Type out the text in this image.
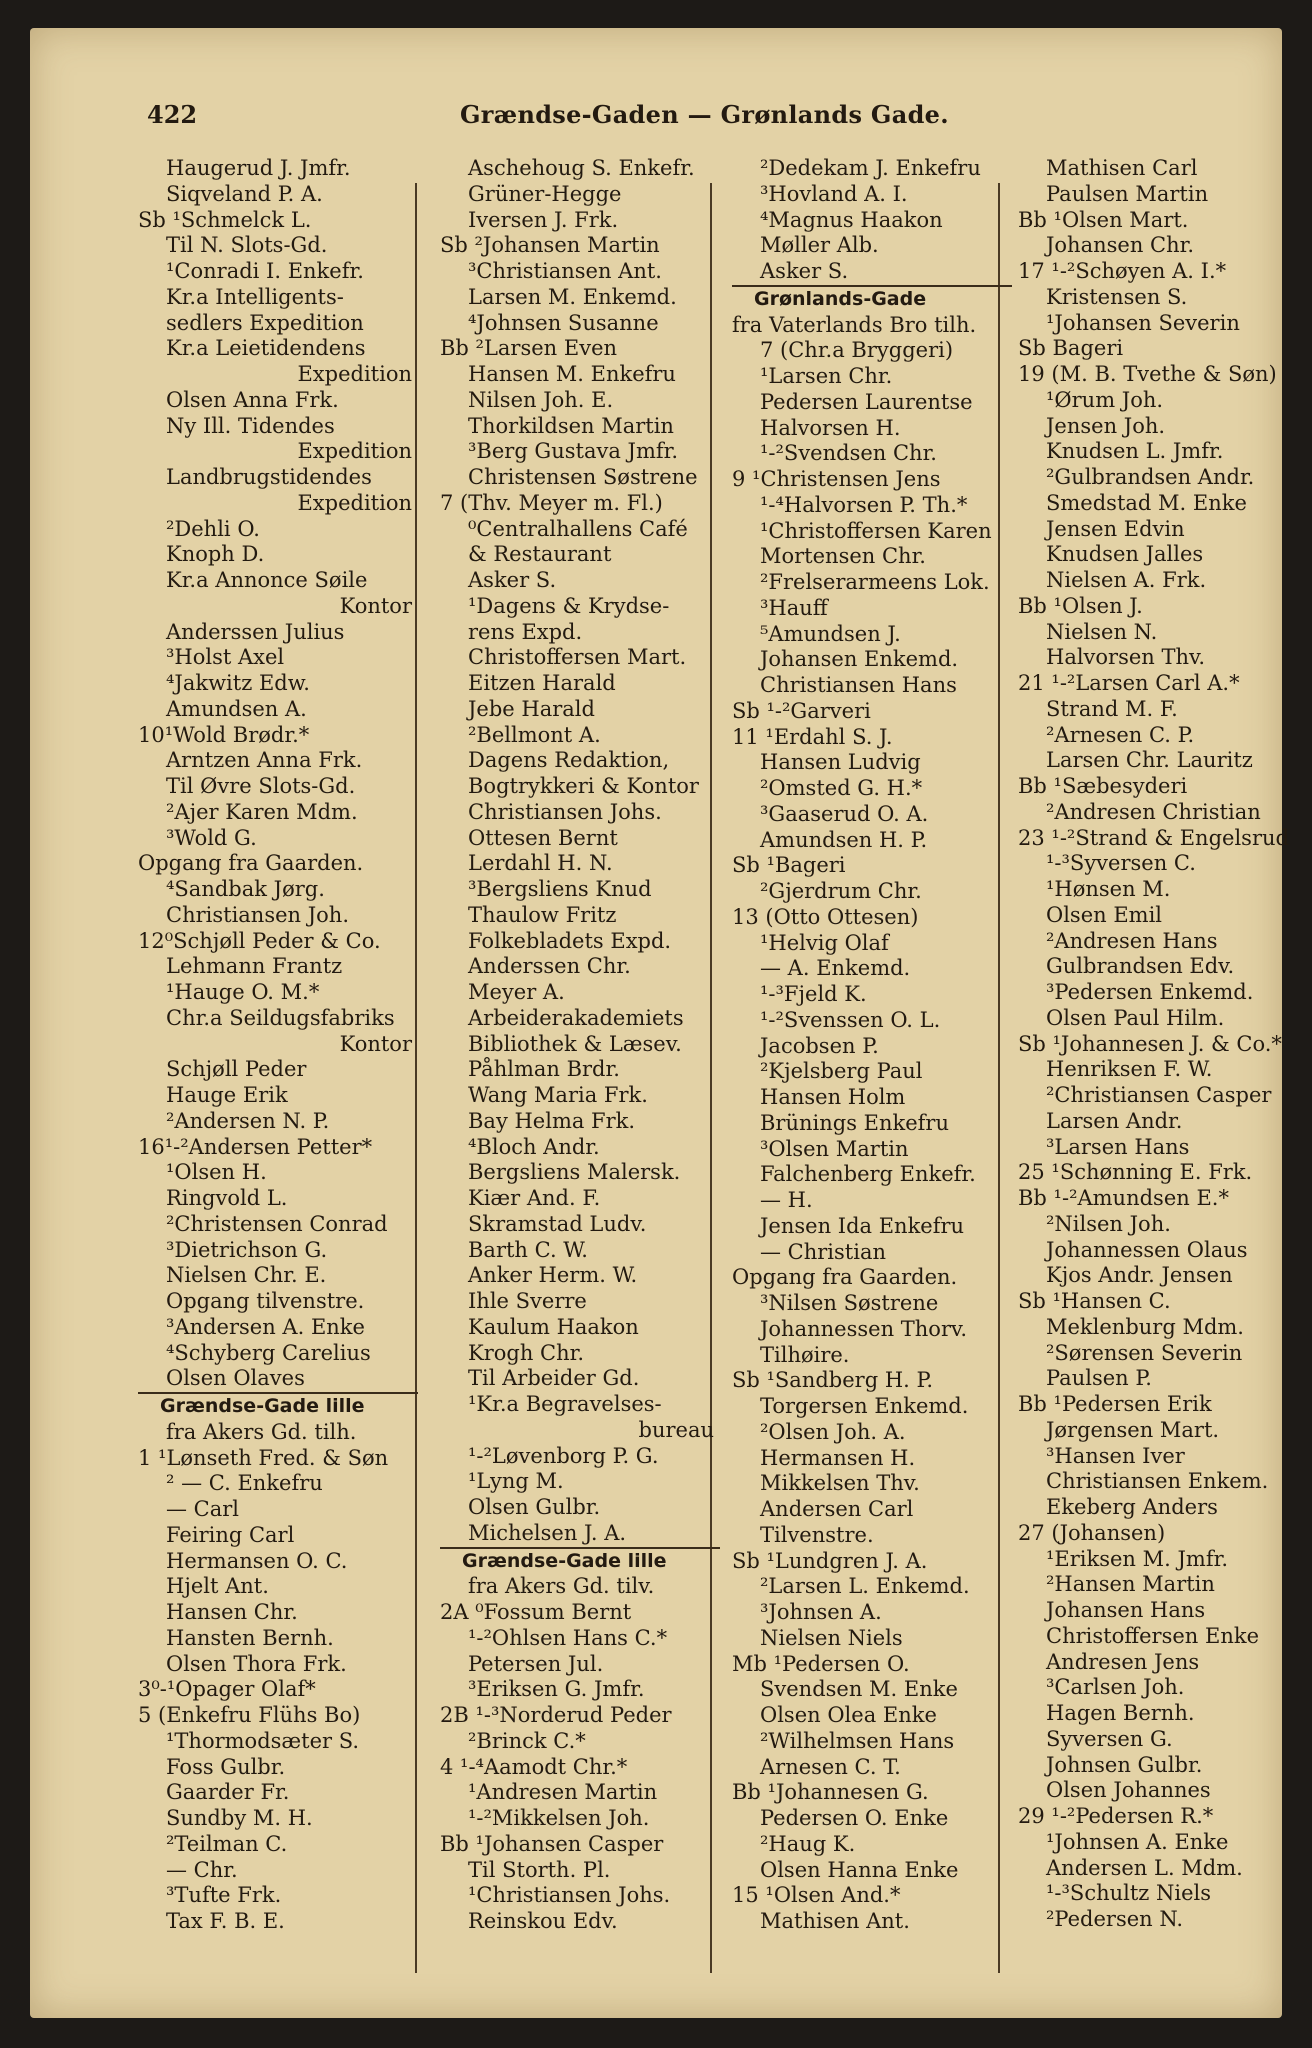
422	Grændse-Gaden — Grønlands Gade.
Haugerud J. Jmfr.
Siqveland P. A.
Sb ¹Schmelck L.
Til N. Slots-Gd.
¹Conradi I. Enkefr.
Kr.a Intelligents-
sedlers Expedition
Kr.a Leietidendens
Expedition
Olsen Anna Frk.
Ny Ill. Tidendes
Expedition
Landbrugstidendes
Expedition
²Dehli O.
Knoph D.
Kr.a Annonce Søile
Kontor
Anderssen Julius
³Holst Axel
⁴Jakwitz Edw.
Amundsen A.
10¹Wold Brødr.*
Arntzen Anna Frk.
Til Øvre Slots-Gd.
²Ajer Karen Mdm.
³Wold G.
Opgang fra Gaarden.
⁴Sandbak Jørg.
Christiansen Joh.
12⁰Schjøll Peder & Co.
Lehmann Frantz
¹Hauge O. M.*
Chr.a Seildugsfabriks
Kontor
Schjøll Peder
Hauge Erik
²Andersen N. P.
16¹-²Andersen Petter*
¹Olsen H.
Ringvold L.
²Christensen Conrad
³Dietrichson G.
Nielsen Chr. E.
Opgang tilvenstre.
³Andersen A. Enke
⁴Schyberg Carelius
Olsen Olaves
Grændse-Gade lille
fra Akers Gd. tilh.
1 ¹Lønseth Fred. & Søn
² — C. Enkefru
— Carl
Feiring Carl
Hermansen O. C.
Hjelt Ant.
Hansen Chr.
Hansten Bernh.
Olsen Thora Frk.
3⁰-¹Opager Olaf*
5 (Enkefru Flühs Bo)
¹Thormodsæter S.
Foss Gulbr.
Gaarder Fr.
Sundby M. H.
²Teilman C.
— Chr.
³Tufte Frk.
Tax F. B. E.
Aschehoug S. Enkefr.
Grüner-Hegge
Iversen J. Frk.
Sb ²Johansen Martin
³Christiansen Ant.
Larsen M. Enkemd.
⁴Johnsen Susanne
Bb ²Larsen Even
Hansen M. Enkefru
Nilsen Joh. E.
Thorkildsen Martin
³Berg Gustava Jmfr.
Christensen Søstrene
7 (Thv. Meyer m. Fl.)
⁰Centralhallens Café
& Restaurant
Asker S.
¹Dagens & Krydse-
rens Expd.
Christoffersen Mart.
Eitzen Harald
Jebe Harald
²Bellmont A.
Dagens Redaktion,
Bogtrykkeri & Kontor
Christiansen Johs.
Ottesen Bernt
Lerdahl H. N.
³Bergsliens Knud
Thaulow Fritz
Folkebladets Expd.
Anderssen Chr.
Meyer A.
Arbeiderakademiets
Bibliothek & Læsev.
Påhlman Brdr.
Wang Maria Frk.
Bay Helma Frk.
⁴Bloch Andr.
Bergsliens Malersk.
Kiær And. F.
Skramstad Ludv.
Barth C. W.
Anker Herm. W.
Ihle Sverre
Kaulum Haakon
Krogh Chr.
Til Arbeider Gd.
¹Kr.a Begravelses-
bureau
¹-²Løvenborg P. G.
¹Lyng M.
Olsen Gulbr.
Michelsen J. A.
Grændse-Gade lille
fra Akers Gd. tilv.
2A ⁰Fossum Bernt
¹-²Ohlsen Hans C.*
Petersen Jul.
³Eriksen G. Jmfr.
2B ¹-³Norderud Peder
²Brinck C.*
4 ¹-⁴Aamodt Chr.*
¹Andresen Martin
¹-²Mikkelsen Joh.
Bb ¹Johansen Casper
Til Storth. Pl.
¹Christiansen Johs.
Reinskou Edv.
²Dedekam J. Enkefru
³Hovland A. I.
⁴Magnus Haakon
Møller Alb.
Asker S.
Grønlands-Gade
fra Vaterlands Bro tilh.
7 (Chr.a Bryggeri)
¹Larsen Chr.
Pedersen Laurentse
Halvorsen H.
¹-²Svendsen Chr.
9 ¹Christensen Jens
¹-⁴Halvorsen P. Th.*
¹Christoffersen Karen
Mortensen Chr.
²Frelserarmeens Lok.
³Hauff
⁵Amundsen J.
Johansen Enkemd.
Christiansen Hans
Sb ¹-²Garveri
11 ¹Erdahl S. J.
Hansen Ludvig
²Omsted G. H.*
³Gaaserud O. A.
Amundsen H. P.
Sb ¹Bageri
²Gjerdrum Chr.
13 (Otto Ottesen)
¹Helvig Olaf
— A. Enkemd.
¹-³Fjeld K.
¹-²Svenssen O. L.
Jacobsen P.
²Kjelsberg Paul
Hansen Holm
Brünings Enkefru
³Olsen Martin
Falchenberg Enkefr.
— H.
Jensen Ida Enkefru
— Christian
Opgang fra Gaarden.
³Nilsen Søstrene
Johannessen Thorv.
Tilhøire.
Sb ¹Sandberg H. P.
Torgersen Enkemd.
²Olsen Joh. A.
Hermansen H.
Mikkelsen Thv.
Andersen Carl
Tilvenstre.
Sb ¹Lundgren J. A.
²Larsen L. Enkemd.
³Johnsen A.
Nielsen Niels
Mb ¹Pedersen O.
Svendsen M. Enke
Olsen Olea Enke
²Wilhelmsen Hans
Arnesen C. T.
Bb ¹Johannesen G.
Pedersen O. Enke
²Haug K.
Olsen Hanna Enke
15 ¹Olsen And.*
Mathisen Ant.
Mathisen Carl
Paulsen Martin
Bb ¹Olsen Mart.
Johansen Chr.
17 ¹-²Schøyen A. I.*
Kristensen S.
¹Johansen Severin
Sb Bageri
19 (M. B. Tvethe & Søn)
¹Ørum Joh.
Jensen Joh.
Knudsen L. Jmfr.
²Gulbrandsen Andr.
Smedstad M. Enke
Jensen Edvin
Knudsen Jalles
Nielsen A. Frk.
Bb ¹Olsen J.
Nielsen N.
Halvorsen Thv.
21 ¹-²Larsen Carl A.*
Strand M. F.
²Arnesen C. P.
Larsen Chr. Lauritz
Bb ¹Sæbesyderi
²Andresen Christian
23 ¹-²Strand & Engelsrud
¹-³Syversen C.
¹Hønsen M.
Olsen Emil
²Andresen Hans
Gulbrandsen Edv.
³Pedersen Enkemd.
Olsen Paul Hilm.
Sb ¹Johannesen J. & Co.*
Henriksen F. W.
²Christiansen Casper
Larsen Andr.
³Larsen Hans
25 ¹Schønning E. Frk.
Bb ¹-²Amundsen E.*
²Nilsen Joh.
Johannessen Olaus
Kjos Andr. Jensen
Sb ¹Hansen C.
Meklenburg Mdm.
²Sørensen Severin
Paulsen P.
Bb ¹Pedersen Erik
Jørgensen Mart.
³Hansen Iver
Christiansen Enkem.
Ekeberg Anders
27 (Johansen)
¹Eriksen M. Jmfr.
²Hansen Martin
Johansen Hans
Christoffersen Enke
Andresen Jens
³Carlsen Joh.
Hagen Bernh.
Syversen G.
Johnsen Gulbr.
Olsen Johannes
29 ¹-²Pedersen R.*
¹Johnsen A. Enke
Andersen L. Mdm.
¹-³Schultz Niels
²Pedersen N.
